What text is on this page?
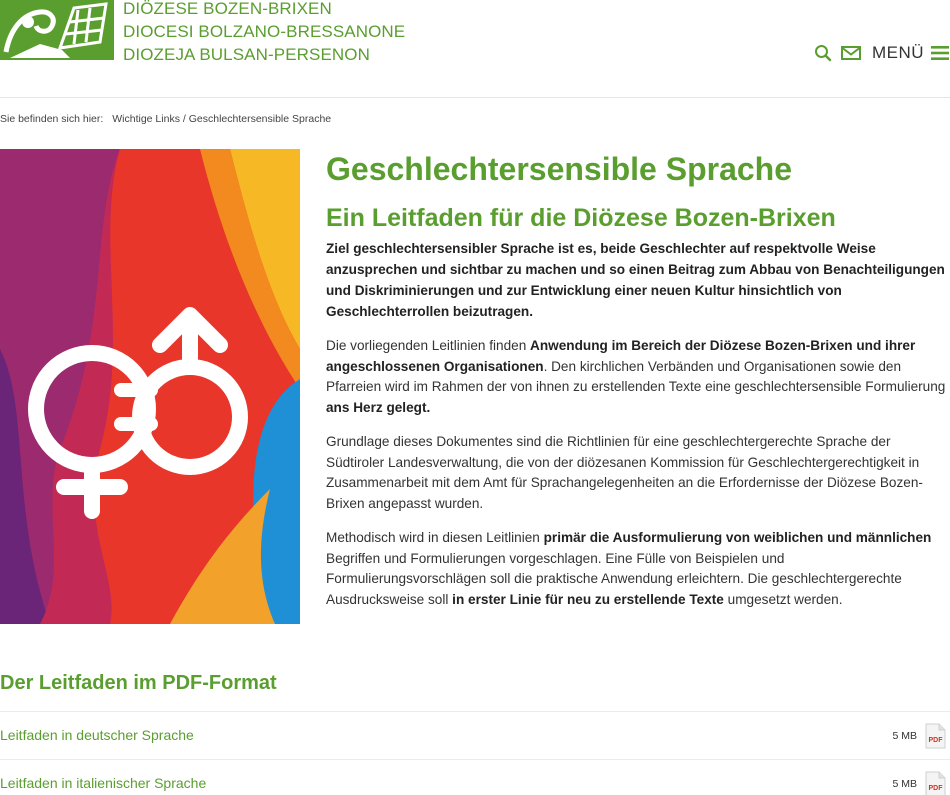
DIÖZESE BOZEN-BRIXEN
DIOCESI BOLZANO-BRESSANONE
DIOZEJA BULSAN-PERSENON	MENÜ
Sie befinden sich hier: Wichtige Links / Geschlechtersensible Sprache
Geschlechtersensible Sprache
Ein Leitfaden für die Diözese Bozen-Brixen

Ziel geschlechtersensibler Sprache ist es, beide Geschlechter auf respektvolle Weise anzusprechen und sichtbar zu machen und so einen Beitrag zum Abbau von Benachteiligungen und Diskriminierungen und zur Entwicklung einer neuen Kultur hinsichtlich von Geschlechterrollen beizutragen.

Die vorliegenden Leitlinien finden Anwendung im Bereich der Diözese Bozen-Brixen und ihrer angeschlossenen Organisationen. Den kirchlichen Verbänden und Organisationen sowie den Pfarreien wird im Rahmen der von ihnen zu erstellenden Texte eine geschlechtersensible Formulierung ans Herz gelegt.

Grundlage dieses Dokumentes sind die Richtlinien für eine geschlechtergerechte Sprache der Südtiroler Landesverwaltung, die von der diözesanen Kommission für Geschlechtergerechtigkeit in Zusammenarbeit mit dem Amt für Sprachangelegenheiten an die Erfordernisse der Diözese Bozen-Brixen angepasst wurden.

Methodisch wird in diesen Leitlinien primär die Ausformulierung von weiblichen und männlichen Begriffen und Formulierungen vorgeschlagen. Eine Fülle von Beispielen und Formulierungsvorschlägen soll die praktische Anwendung erleichtern. Die geschlechtergerechte Ausdrucksweise soll in erster Linie für neu zu erstellende Texte umgesetzt werden.

Der Leitfaden im PDF-Format
Leitfaden in deutscher Sprache	5 MB PDF
Leitfaden in italienischer Sprache	5 MB PDF
